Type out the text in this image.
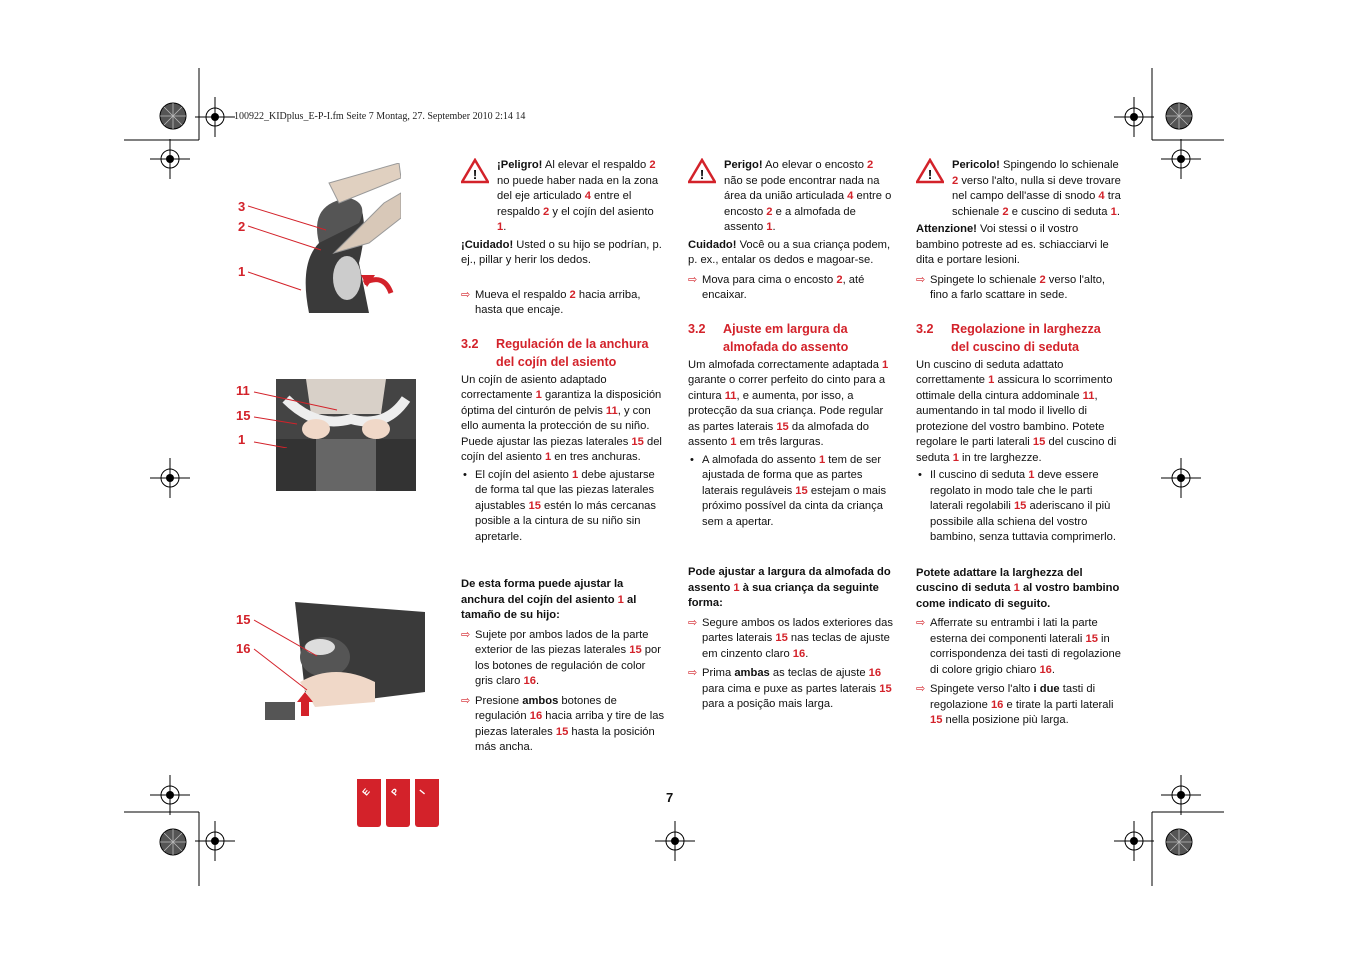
100922_KIDplus_E-P-I.fm Seite 7 Montag, 27. September 2010 2:14 14
3
2
1
11
15
1
15
16
!

¡Peligro! Al elevar el respaldo 2 no puede haber nada en la zona del eje articulado 4 entre el respaldo 2 y el cojín del asiento 1.

¡Cuidado! Usted o su hijo se podrían, p. ej., pillar y herir los dedos.

⇨ Mueva el respaldo 2 hacia arriba, hasta que encaje.

3.2	Regulación de la anchura del cojín del asiento

Un cojín de asiento adaptado correctamente 1 garantiza la disposición óptima del cinturón de pelvis 11, y con ello aumenta la protección de su niño. Puede ajustar las piezas laterales 15 del cojín del asiento 1 en tres anchuras.

• El cojín del asiento 1 debe ajustarse de forma tal que las piezas laterales ajustables 15 estén lo más cercanas posible a la cintura de su niño sin apretarle.

De esta forma puede ajustar la anchura del cojín del asiento 1 al tamaño de su hijo:

⇨ Sujete por ambos lados de la parte exterior de las piezas laterales 15 por los botones de regulación de color gris claro 16.

⇨ Presione ambos botones de regulación 16 hacia arriba y tire de las piezas laterales 15 hasta la posición más ancha.

!

Perigo! Ao elevar o encosto 2 não se pode encontrar nada na área da união articulada 4 entre o encosto 2 e a almofada de assento 1.

Cuidado! Você ou a sua criança podem, p. ex., entalar os dedos e magoar-se.

⇨ Mova para cima o encosto 2, até encaixar.

3.2	Ajuste em largura da almofada do assento

Um almofada correctamente adaptada 1 garante o correr perfeito do cinto para a cintura 11, e aumenta, por isso, a protecção da sua criança. Pode regular as partes laterais 15 da almofada do assento 1 em três larguras.

• A almofada do assento 1 tem de ser ajustada de forma que as partes laterais reguláveis 15 estejam o mais próximo possível da cinta da criança sem a apertar.

Pode ajustar a largura da almofada do assento 1 à sua criança da seguinte forma:

⇨ Segure ambos os lados exteriores das partes laterais 15 nas teclas de ajuste em cinzento claro 16.

⇨ Prima ambas as teclas de ajuste 16 para cima e puxe as partes laterais 15 para a posição mais larga.

!

Pericolo! Spingendo lo schienale 2 verso l'alto, nulla si deve trovare nel campo dell'asse di snodo 4 tra schienale 2 e cuscino di seduta 1.

Attenzione! Voi stessi o il vostro bambino potreste ad es. schiacciarvi le dita e portare lesioni.

⇨ Spingete lo schienale 2 verso l'alto, fino a farlo scattare in sede.

3.2	Regolazione in larghezza del cuscino di seduta

Un cuscino di seduta adattato correttamente 1 assicura lo scorrimento ottimale della cintura addominale 11, aumentando in tal modo il livello di protezione del vostro bambino. Potete regolare le parti laterali 15 del cuscino di seduta 1 in tre larghezze.

• Il cuscino di seduta 1 deve essere regolato in modo tale che le parti laterali regolabili 15 aderiscano il più possibile alla schiena del vostro bambino, senza tuttavia comprimerlo.

Potete adattare la larghezza del cuscino di seduta 1 al vostro bambino come indicato di seguito.

⇨ Afferrate su entrambi i lati la parte esterna dei componenti laterali 15 in corrispondenza dei tasti di regolazione di colore grigio chiaro 16.

⇨ Spingete verso l'alto i due tasti di regolazione 16 e tirate la parti laterali 15 nella posizione più larga.

E P I	7
